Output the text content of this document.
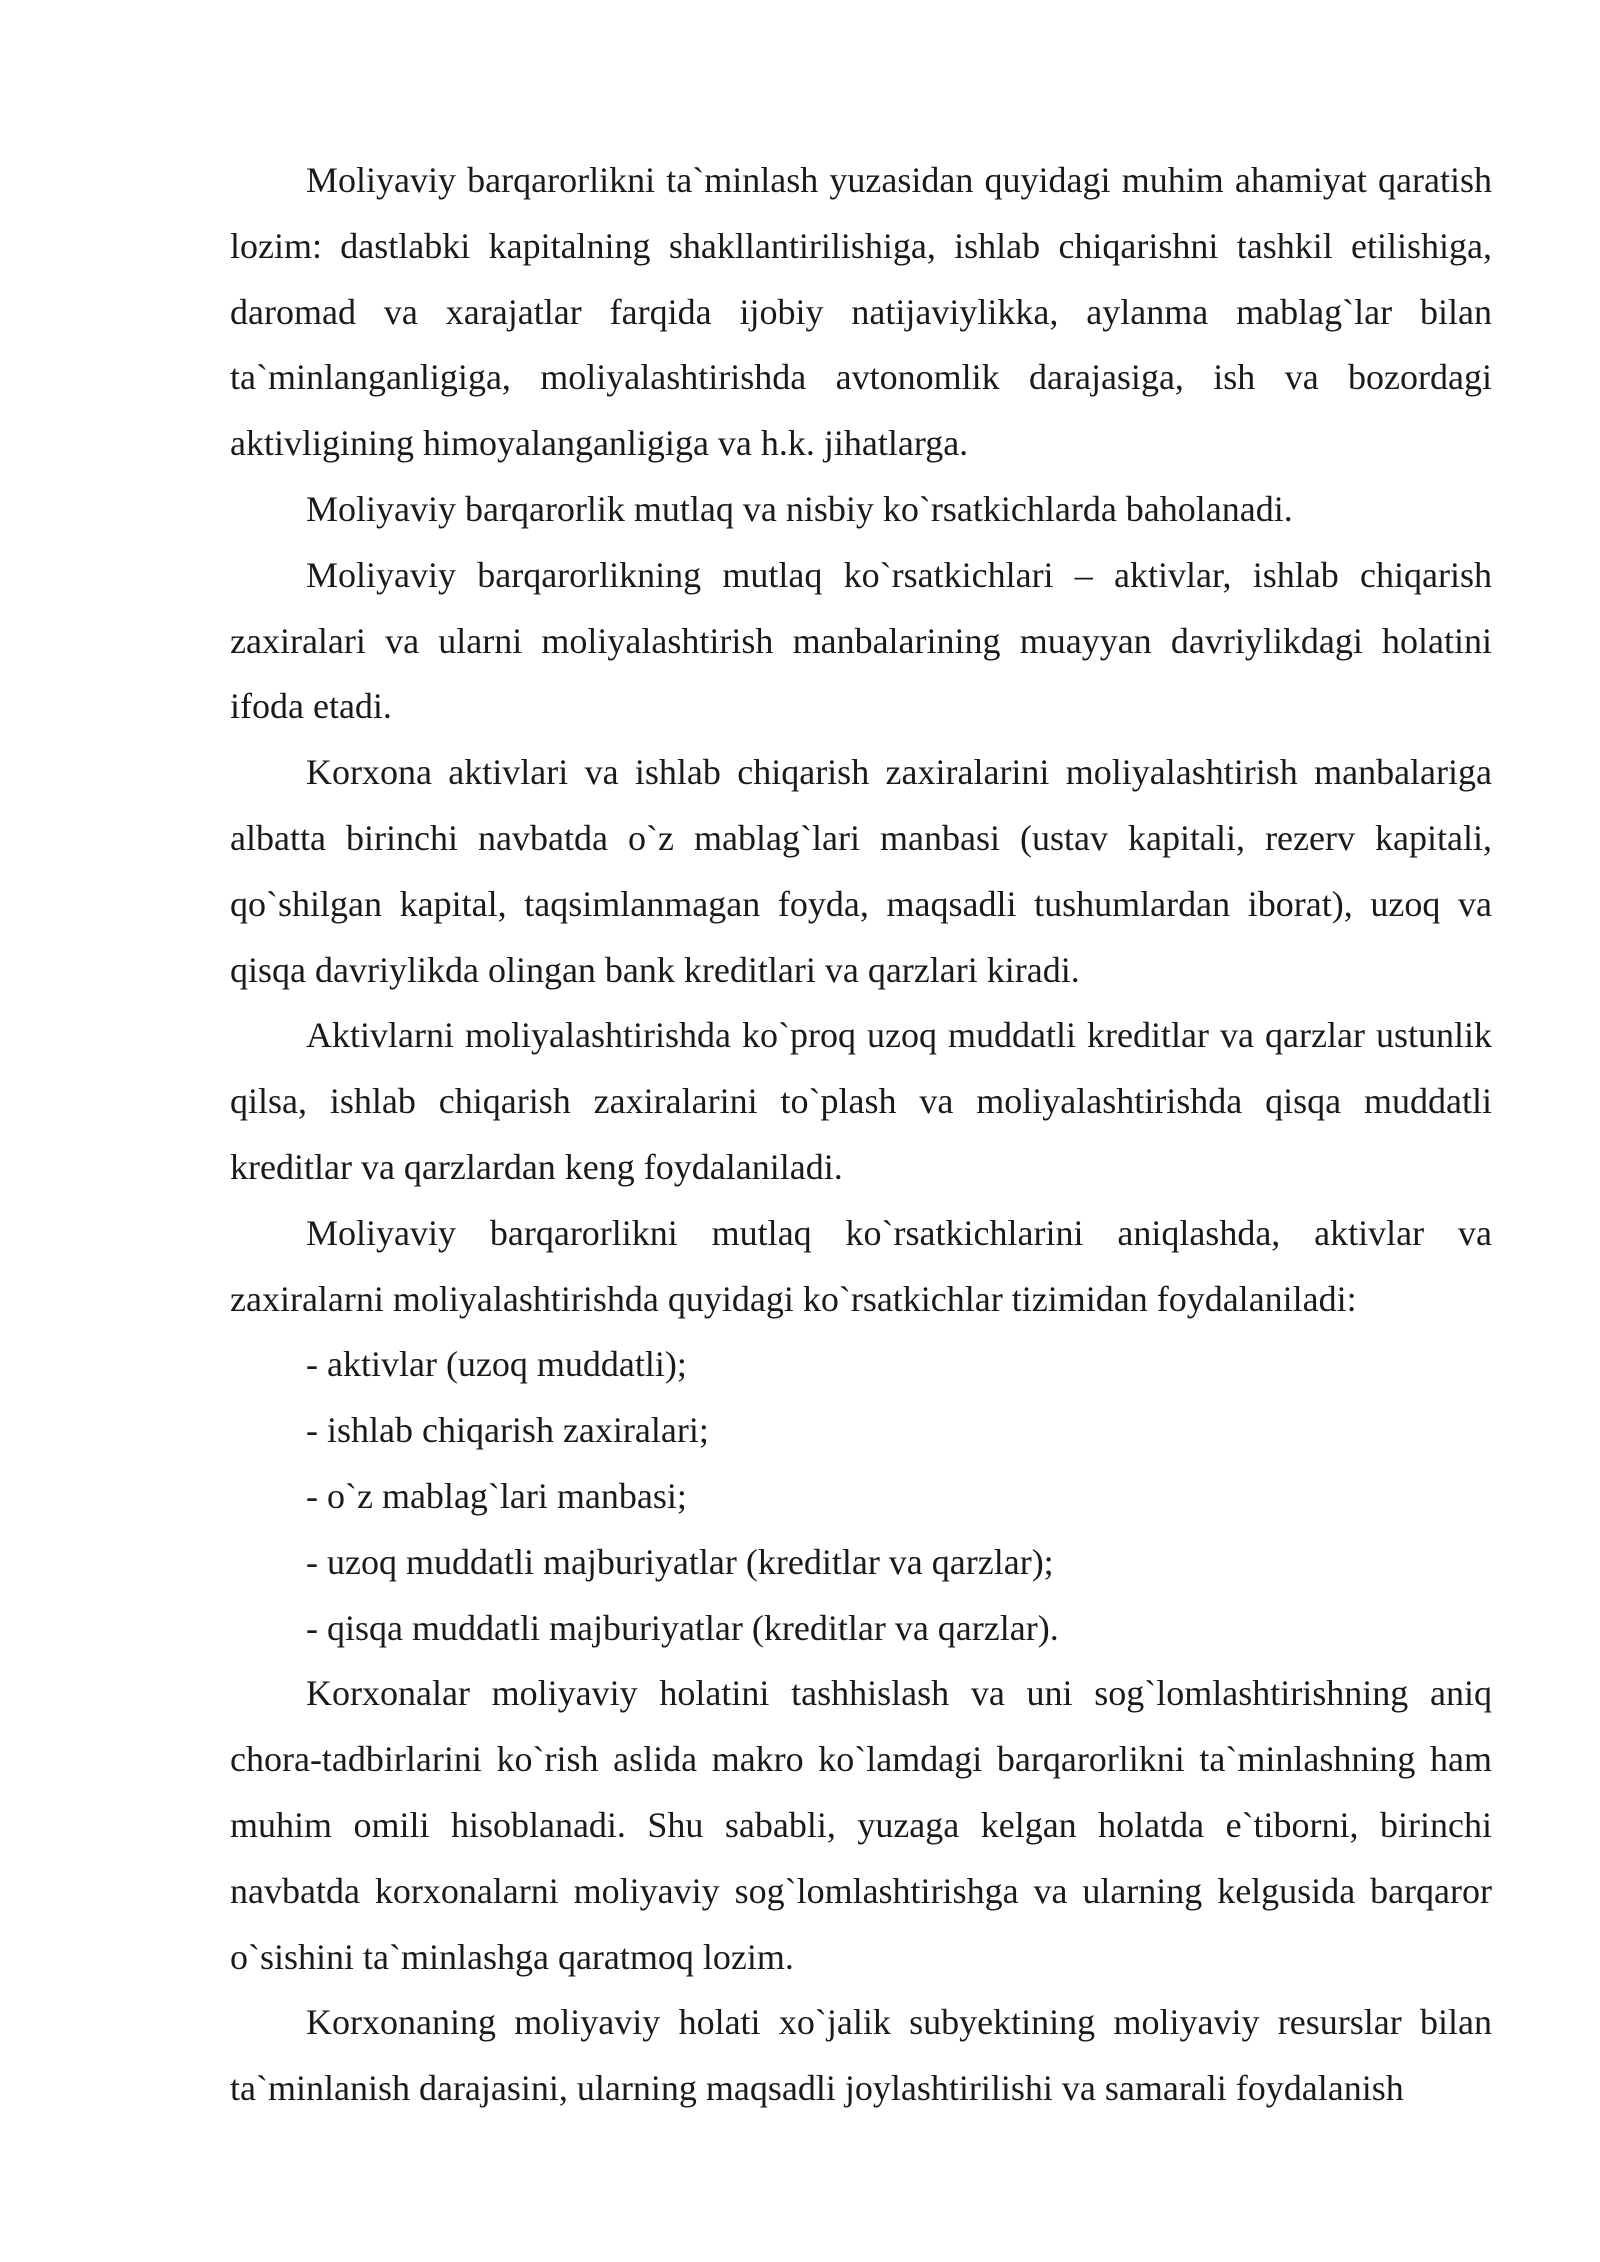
Moliyaviy barqarorlikni ta`minlash yuzasidan quyidagi muhim ahamiyat qaratish lozim: dastlabki kapitalning shakllantirilishiga, ishlab chiqarishni tashkil etilishiga, daromad va xarajatlar farqida ijobiy natijaviylikka, aylanma mablag`lar bilan ta`minlanganligiga, moliyalashtirishda avtonomlik darajasiga, ish va bozordagi aktivligining himoyalanganligiga va h.k. jihatlarga.

Moliyaviy barqarorlik mutlaq va nisbiy ko`rsatkichlarda baholanadi.

Moliyaviy barqarorlikning mutlaq ko`rsatkichlari – aktivlar, ishlab chiqarish zaxiralari va ularni moliyalashtirish manbalarining muayyan davriylikdagi holatini ifoda etadi.

Korxona aktivlari va ishlab chiqarish zaxiralarini moliyalashtirish manbalariga albatta birinchi navbatda o`z mablag`lari manbasi (ustav kapitali, rezerv kapitali, qo`shilgan kapital, taqsimlanmagan foyda, maqsadli tushumlardan iborat), uzoq va qisqa davriylikda olingan bank kreditlari va qarzlari kiradi.

Aktivlarni moliyalashtirishda ko`proq uzoq muddatli kreditlar va qarzlar ustunlik qilsa, ishlab chiqarish zaxiralarini to`plash va moliyalashtirishda qisqa muddatli kreditlar va qarzlardan keng foydalaniladi.

Moliyaviy barqarorlikni mutlaq ko`rsatkichlarini aniqlashda, aktivlar va zaxiralarni moliyalashtirishda quyidagi ko`rsatkichlar tizimidan foydalaniladi:

- aktivlar (uzoq muddatli);

- ishlab chiqarish zaxiralari;

- o`z mablag`lari manbasi;

- uzoq muddatli majburiyatlar (kreditlar va qarzlar);

- qisqa muddatli majburiyatlar (kreditlar va qarzlar).

Korxonalar moliyaviy holatini tashhislash va uni sog`lomlashtirishning aniq chora-tadbirlarini ko`rish aslida makro ko`lamdagi barqarorlikni ta`minlashning ham muhim omili hisoblanadi. Shu sababli, yuzaga kelgan holatda e`tiborni, birinchi navbatda korxonalarni moliyaviy sog`lomlashtirishga va ularning kelgusida barqaror o`sishini ta`minlashga qaratmoq lozim.

Korxonaning moliyaviy holati xo`jalik subyektining moliyaviy resurslar bilan ta`minlanish darajasini, ularning maqsadli joylashtirilishi va samarali foydalanish
